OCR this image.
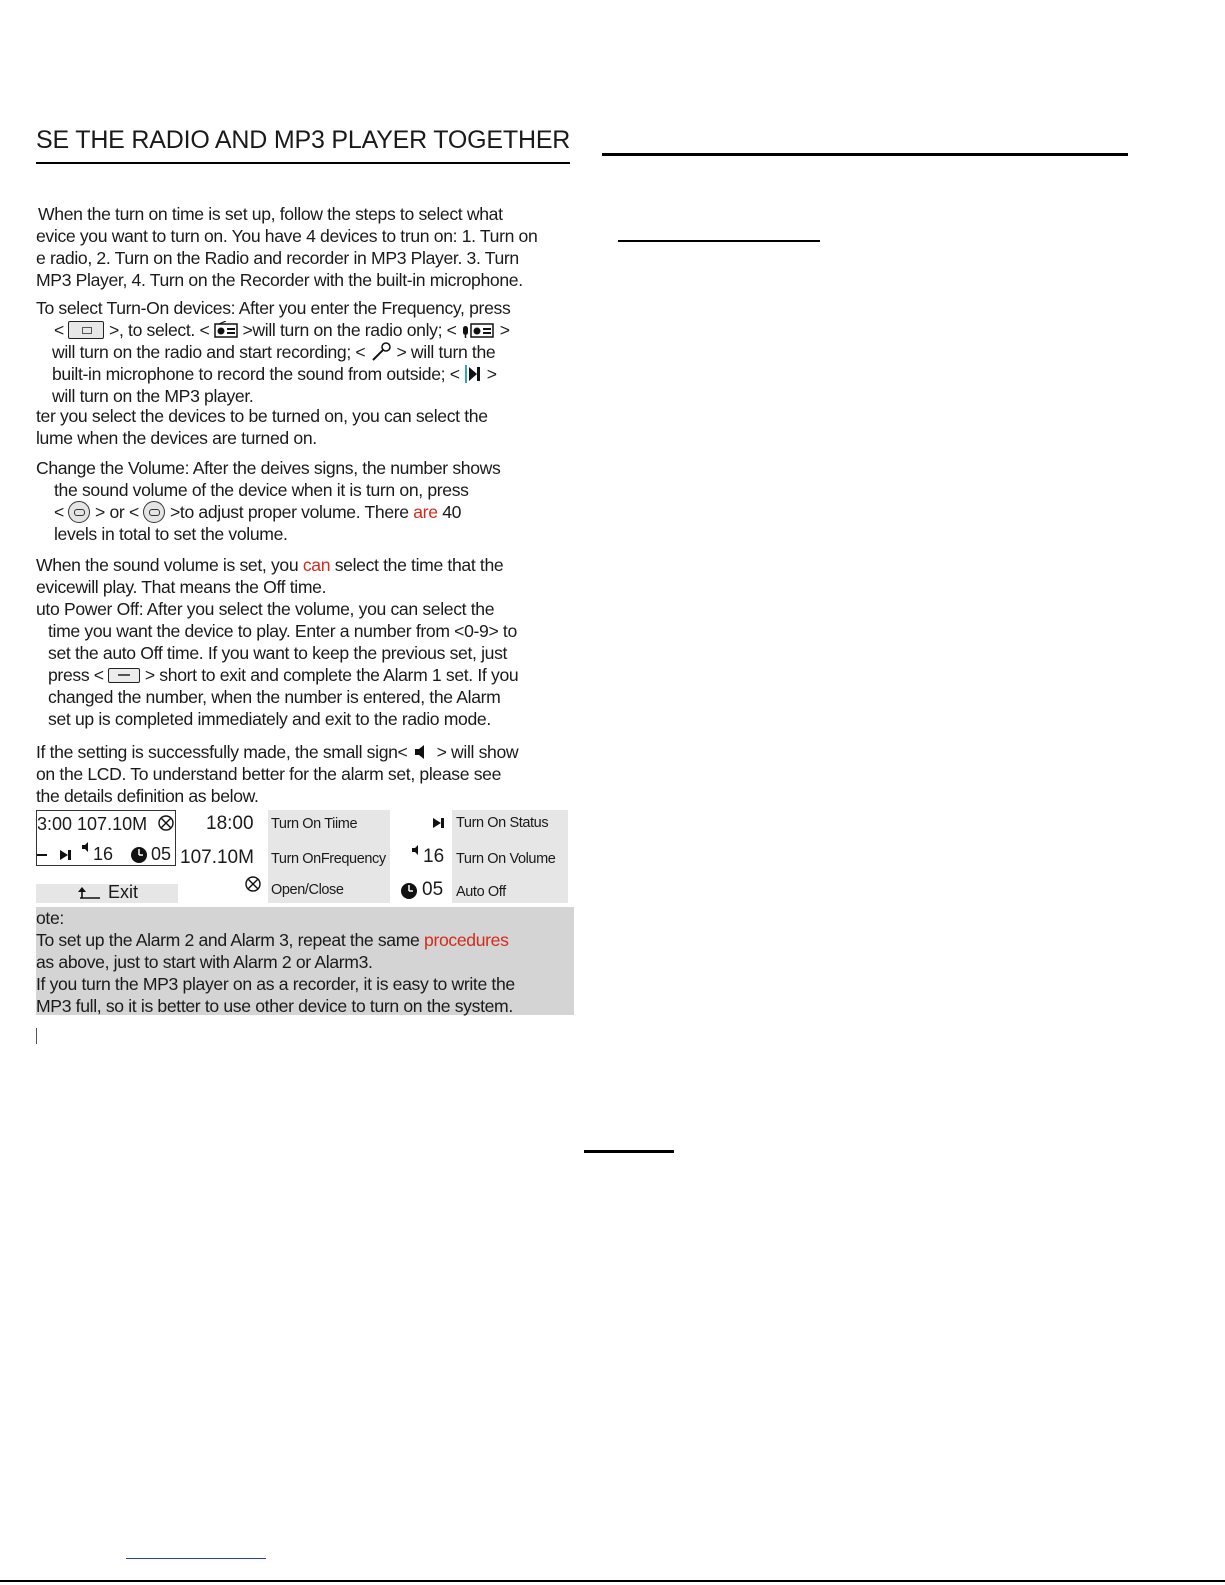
SE THE RADIO AND MP3 PLAYER TOGETHER
When the turn on time is set up, follow the steps to select what
evice you want to turn on. You have 4 devices to trun on: 1. Turn on
e radio, 2. Turn on the Radio and recorder in MP3 Player. 3. Turn
MP3 Player, 4. Turn on the Recorder with the built-in microphone.
To select Turn-On devices: After you enter the Frequency, press
<	>, to select. < >will turn on the radio only; < >
will turn on the radio and start recording; < > will turn the
built-in microphone to record the sound from outside; < >
will turn on the MP3 player.
ter you select the devices to be turned on, you can select the
lume when the devices are turned on.
Change the Volume: After the deives signs, the number shows
the sound volume of the device when it is turn on, press
< > or < >to adjust proper volume. There are 40
levels in total to set the volume.
When the sound volume is set, you can select the time that the
evicewill play. That means the Off time.
uto Power Off: After you select the volume, you can select the
time you want the device to play. Enter a number from <0-9> to
set the auto Off time. If you want to keep the previous set, just
press < > short to exit and complete the Alarm 1 set. If you
changed the number, when the number is entered, the Alarm
set up is completed immediately and exit to the radio mode.
If the setting is successfully made, the small sign< > will show
on the LCD. To understand better for the alarm set, please see
the details definition as below.
3:00 107.10M
16 05
Exit
18:00
107.10M
Turn On Tiime
Turn OnFrequency
Open/Close
16
05
Turn On Status
Turn On Volume
Auto Off
ote:
To set up the Alarm 2 and Alarm 3, repeat the same procedures
as above, just to start with Alarm 2 or Alarm3.
If you turn the MP3 player on as a recorder, it is easy to write the
MP3 full, so it is better to use other device to turn on the system.
